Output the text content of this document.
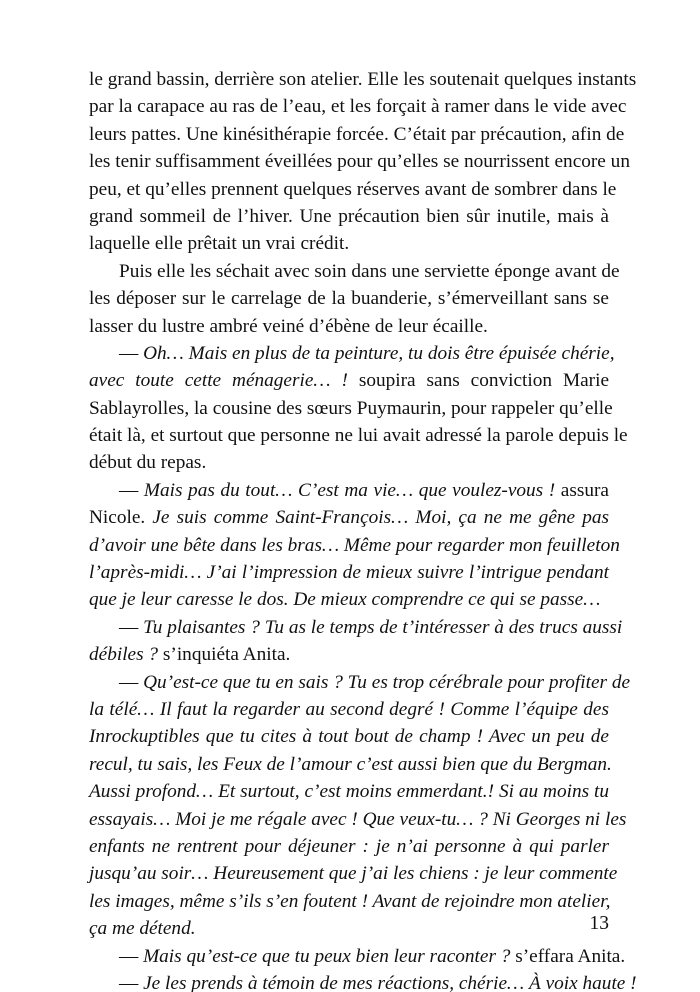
le grand bassin, derrière son atelier. Elle les soutenait quelques instants
par la carapace au ras de l’eau, et les forçait à ramer dans le vide avec
leurs pattes. Une kinésithérapie forcée. C’était par précaution, afin de
les tenir suffisamment éveillées pour qu’elles se nourrissent encore un
peu, et qu’elles prennent quelques réserves avant de sombrer dans le
grand sommeil de l’hiver. Une précaution bien sûr inutile, mais à
laquelle elle prêtait un vrai crédit.
Puis elle les séchait avec soin dans une serviette éponge avant de
les déposer sur le carrelage de la buanderie, s’émerveillant sans se
lasser du lustre ambré veiné d’ébène de leur écaille.
— Oh… Mais en plus de ta peinture, tu dois être épuisée chérie,
avec toute cette ménagerie… ! soupira sans conviction Marie
Sablayrolles, la cousine des sœurs Puymaurin, pour rappeler qu’elle
était là, et surtout que personne ne lui avait adressé la parole depuis le
début du repas.
— Mais pas du tout… C’est ma vie… que voulez-vous ! assura
Nicole. Je suis comme Saint-François… Moi, ça ne me gêne pas
d’avoir une bête dans les bras… Même pour regarder mon feuilleton
l’après-midi… J’ai l’impression de mieux suivre l’intrigue pendant
que je leur caresse le dos. De mieux comprendre ce qui se passe…
— Tu plaisantes ? Tu as le temps de t’intéresser à des trucs aussi
débiles ? s’inquiéta Anita.
— Qu’est-ce que tu en sais ? Tu es trop cérébrale pour profiter de
la télé… Il faut la regarder au second degré ! Comme l’équipe des
Inrockuptibles que tu cites à tout bout de champ ! Avec un peu de
recul, tu sais, les Feux de l’amour c’est aussi bien que du Bergman.
Aussi profond… Et surtout, c’est moins emmerdant.! Si au moins tu
essayais… Moi je me régale avec ! Que veux-tu… ? Ni Georges ni les
enfants ne rentrent pour déjeuner : je n’ai personne à qui parler
jusqu’au soir… Heureusement que j’ai les chiens : je leur commente
les images, même s’ils s’en foutent ! Avant de rejoindre mon atelier,
ça me détend.
— Mais qu’est-ce que tu peux bien leur raconter ? s’effara Anita.
— Je les prends à témoin de mes réactions, chérie… À voix haute !
13
